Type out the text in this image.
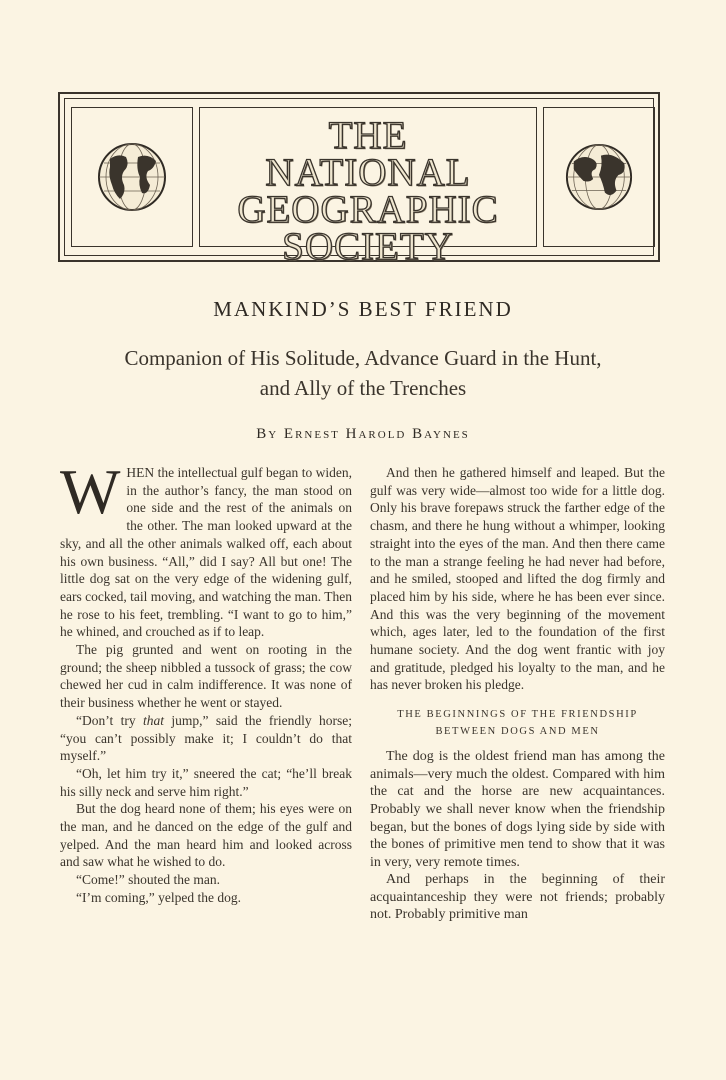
THE
NATIONAL
GEOGRAPHIC
SOCIETY
MANKIND’S BEST FRIEND
Companion of His Solitude, Advance Guard in the Hunt,
and Ally of the Trenches
By Ernest Harold Baynes

WHEN the intellectual gulf began to widen, in the author’s fancy, the man stood on one side and the rest of the animals on the other. The man looked upward at the sky, and all the other animals walked off, each about his own business. “All,” did I say? All but one! The little dog sat on the very edge of the widening gulf, ears cocked, tail moving, and watching the man. Then he rose to his feet, trembling. “I want to go to him,” he whined, and crouched as if to leap.

The pig grunted and went on rooting in the ground; the sheep nibbled a tussock of grass; the cow chewed her cud in calm indifference. It was none of their business whether he went or stayed.

“Don’t try that jump,” said the friendly horse; “you can’t possibly make it; I couldn’t do that myself.”

“Oh, let him try it,” sneered the cat; “he’ll break his silly neck and serve him right.”

But the dog heard none of them; his eyes were on the man, and he danced on the edge of the gulf and yelped. And the man heard him and looked across and saw what he wished to do.

“Come!” shouted the man.

“I’m coming,” yelped the dog.

And then he gathered himself and leaped. But the gulf was very wide—almost too wide for a little dog. Only his brave forepaws struck the farther edge of the chasm, and there he hung without a whimper, looking straight into the eyes of the man. And then there came to the man a strange feeling he had never had before, and he smiled, stooped and lifted the dog firmly and placed him by his side, where he has been ever since. And this was the very beginning of the movement which, ages later, led to the foundation of the first humane society. And the dog went frantic with joy and gratitude, pledged his loyalty to the man, and he has never broken his pledge.

THE BEGINNINGS OF THE FRIENDSHIP
BETWEEN DOGS AND MEN

The dog is the oldest friend man has among the animals—very much the oldest. Compared with him the cat and the horse are new acquaintances. Probably we shall never know when the friendship began, but the bones of dogs lying side by side with the bones of primitive men tend to show that it was in very, very remote times.

And perhaps in the beginning of their acquaintanceship they were not friends; probably not. Probably primitive man
